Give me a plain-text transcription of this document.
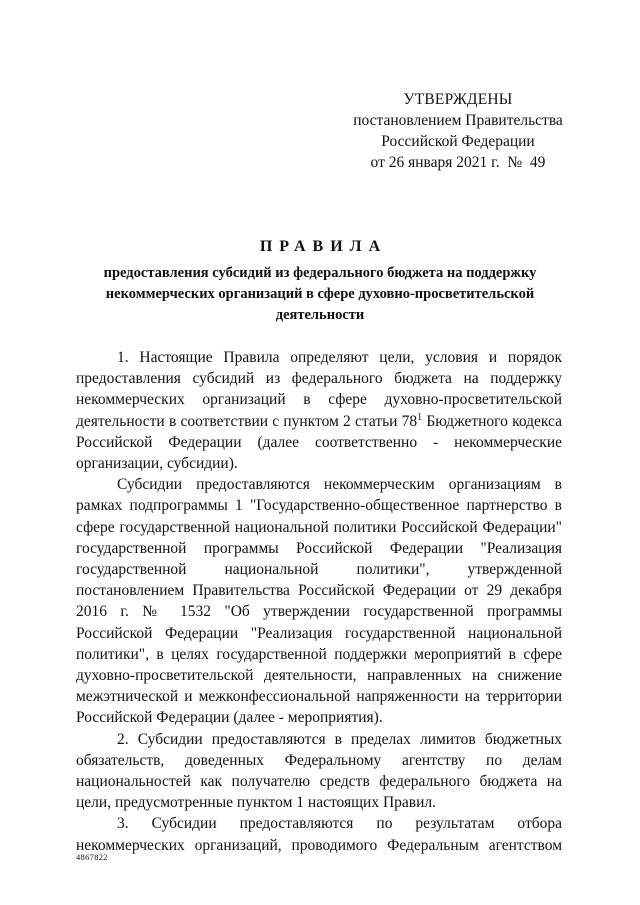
УТВЕРЖДЕНЫ
постановлением Правительства
Российской Федерации
от 26 января 2021 г.  №  49
ПРАВИЛА
предоставления субсидий из федерального бюджета на поддержку некоммерческих организаций в сфере духовно-просветительской деятельности

1. Настоящие Правила определяют цели, условия и порядок предоставления субсидий из федерального бюджета на поддержку некоммерческих организаций в сфере духовно-просветительской деятельности в соответствии с пунктом 2 статьи $78^1$ Бюджетного кодекса Российской Федерации (далее соответственно - некоммерческие организации, субсидии).

Субсидии предоставляются некоммерческим организациям в рамках подпрограммы 1 "Государственно-общественное партнерство в сфере государственной национальной политики Российской Федерации" государственной программы Российской Федерации "Реализация государственной национальной политики", утвержденной постановлением Правительства Российской Федерации от 29 декабря 2016 г. № 1532 "Об утверждении государственной программы Российской Федерации "Реализация государственной национальной политики", в целях государственной поддержки мероприятий в сфере духовно-просветительской деятельности, направленных на снижение межэтнической и межконфессиональной напряженности на территории Российской Федерации (далее - мероприятия).

2. Субсидии предоставляются в пределах лимитов бюджетных обязательств, доведенных Федеральному агентству по делам национальностей как получателю средств федерального бюджета на цели, предусмотренные пунктом 1 настоящих Правил.

3. Субсидии предоставляются по результатам отбора некоммерческих организаций, проводимого Федеральным агентством

4867822
